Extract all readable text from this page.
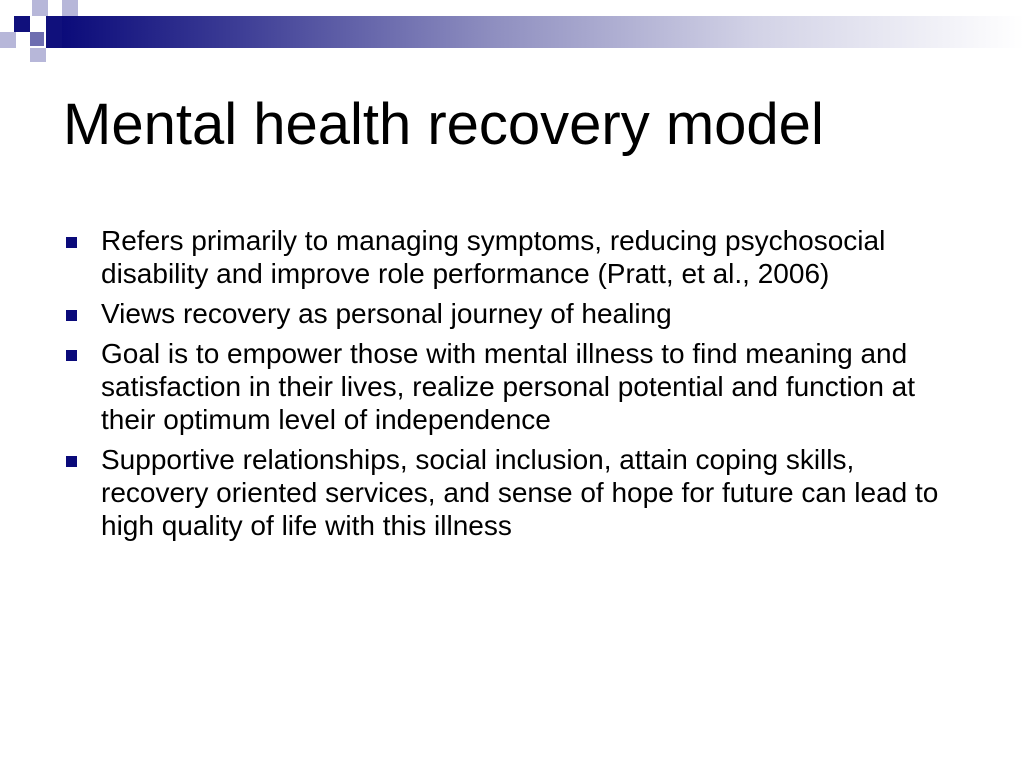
Mental health recovery model
Refers primarily to managing symptoms, reducing psychosocial disability and improve role performance (Pratt, et al., 2006)
Views recovery as personal journey of healing
Goal is to empower those with mental illness to find meaning and satisfaction in their lives, realize personal potential and function at their optimum level of independence
Supportive relationships, social inclusion, attain coping skills, recovery oriented services, and sense of hope for future can lead to high quality of life with this illness
